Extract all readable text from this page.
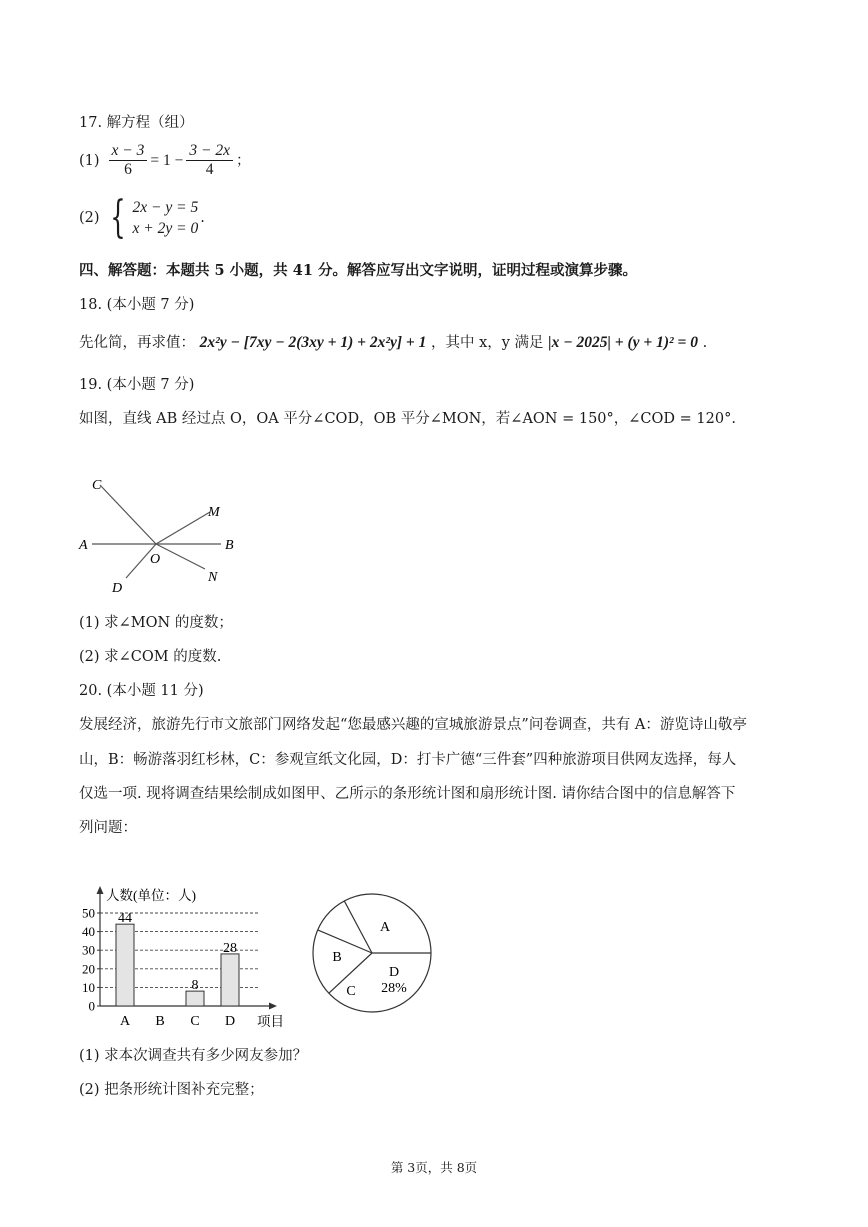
17. 解方程（组）
$(1) \frac{x - 3}{6} = 1 - \frac{3 - 2x}{4}$ ；
(2) { 2x − y = 5
x + 2y = 0
.
四、解答题：本题共 5 小题，共 41 分。解答应写出文字说明，证明过程或演算步骤。
18. (本小题 7 分)
先化简，再求值： 2x²y − [7xy − 2(3xy + 1) + 2x²y] + 1 ，其中 x，y 满足 |x − 2025| + (y + 1)² = 0 .
19. (本小题 7 分)
如图，直线 AB 经过点 O，OA 平分∠COD，OB 平分∠MON，若∠AON = 150°，∠COD = 120°.
C
M
A
O
B
D
N
(1) 求∠MON 的度数；
(2) 求∠COM 的度数.
20. (本小题 11 分)
发展经济，旅游先行市文旅部门网络发起“您最感兴趣的宣城旅游景点”问卷调查，共有 A：游览诗山敬亭
山，B：畅游落羽红杉林，C：参观宣纸文化园，D：打卡广德“三件套”四种旅游项目供网友选择，每人
仅选一项. 现将调查结果绘制成如图甲、乙所示的条形统计图和扇形统计图. 请你结合图中的信息解答下
列问题：
0
10
20
30
40
50
人数(单位：人)
项目
44
A B
8
C
28
D
A
B
C
D
28%
(1) 求本次调查共有多少网友参加？
(2) 把条形统计图补充完整；
第 3页，共 8页
